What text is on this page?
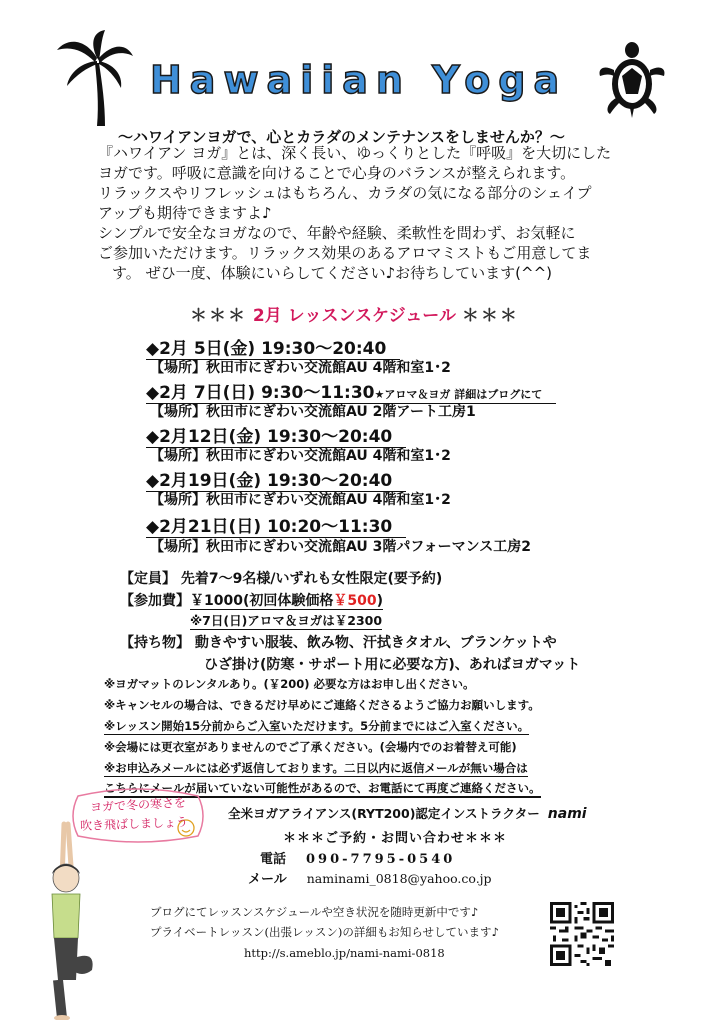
Hawaiian Yoga
～ハワイアンヨガで、心とカラダのメンテナンスをしませんか？～

『ハワイアン ヨガ』とは、深く長い、ゆっくりとした『呼吸』を大切にした

ヨガです。呼吸に意識を向けることで心身のバランスが整えられます。

リラックスやリフレッシュはもちろん、カラダの気になる部分のシェイプ

アップも期待できますよ♪

シンプルで安全なヨガなので、年齢や経験、柔軟性を問わず、お気軽に

ご参加いただけます。リラックス効果のあるアロマミストもご用意してま

す。 ぜひ一度、体験にいらしてください♪お待ちしています(^^)

＊＊＊ 2月 レッスンスケジュール ＊＊＊
◆2月 5日(金) 19:30～20:40
【場所】秋田市にぎわい交流館AU 4階和室1･2
◆2月 7日(日) 9:30～11:30★アロマ＆ヨガ 詳細はブログにて
【場所】秋田市にぎわい交流館AU 2階アート工房1
◆2月12日(金) 19:30～20:40
【場所】秋田市にぎわい交流館AU 4階和室1･2
◆2月19日(金) 19:30～20:40
【場所】秋田市にぎわい交流館AU 4階和室1･2
◆2月21日(日) 10:20～11:30
【場所】秋田市にぎわい交流館AU 3階パフォーマンス工房2
【定員】 先着7～9名様/いずれも女性限定(要予約)
【参加費】￥1000(初回体験価格￥500)
※7日(日)アロマ＆ヨガは￥2300
【持ち物】 動きやすい服装、飲み物、汗拭きタオル、ブランケットや
ひざ掛け(防寒・サポート用に必要な方)、あればヨガマット
※ヨガマットのレンタルあり。(￥200) 必要な方はお申し出ください。
※キャンセルの場合は、できるだけ早めにご連絡くださるようご協力お願いします。
※レッスン開始15分前からご入室いただけます。5分前までにはご入室ください。
※会場には更衣室がありませんのでご了承ください。(会場内でのお着替え可能)
※お申込みメールには必ず返信しております。二日以内に返信メールが無い場合は
こちらにメールが届いていない可能性があるので、お電話にて再度ご連絡ください。
全米ヨガアライアンス(RYT200)認定インストラクター nami
ヨガで冬の寒さを
吹き飛ばしましょう
＊＊＊ご予約・お問い合わせ＊＊＊
電話 090-7795-0540
メール naminami_0818@yahoo.co.jp
ブログにてレッスンスケジュールや空き状況を随時更新中です♪
プライベートレッスン(出張レッスン)の詳細もお知らせしています♪
http://s.ameblo.jp/nami-nami-0818
